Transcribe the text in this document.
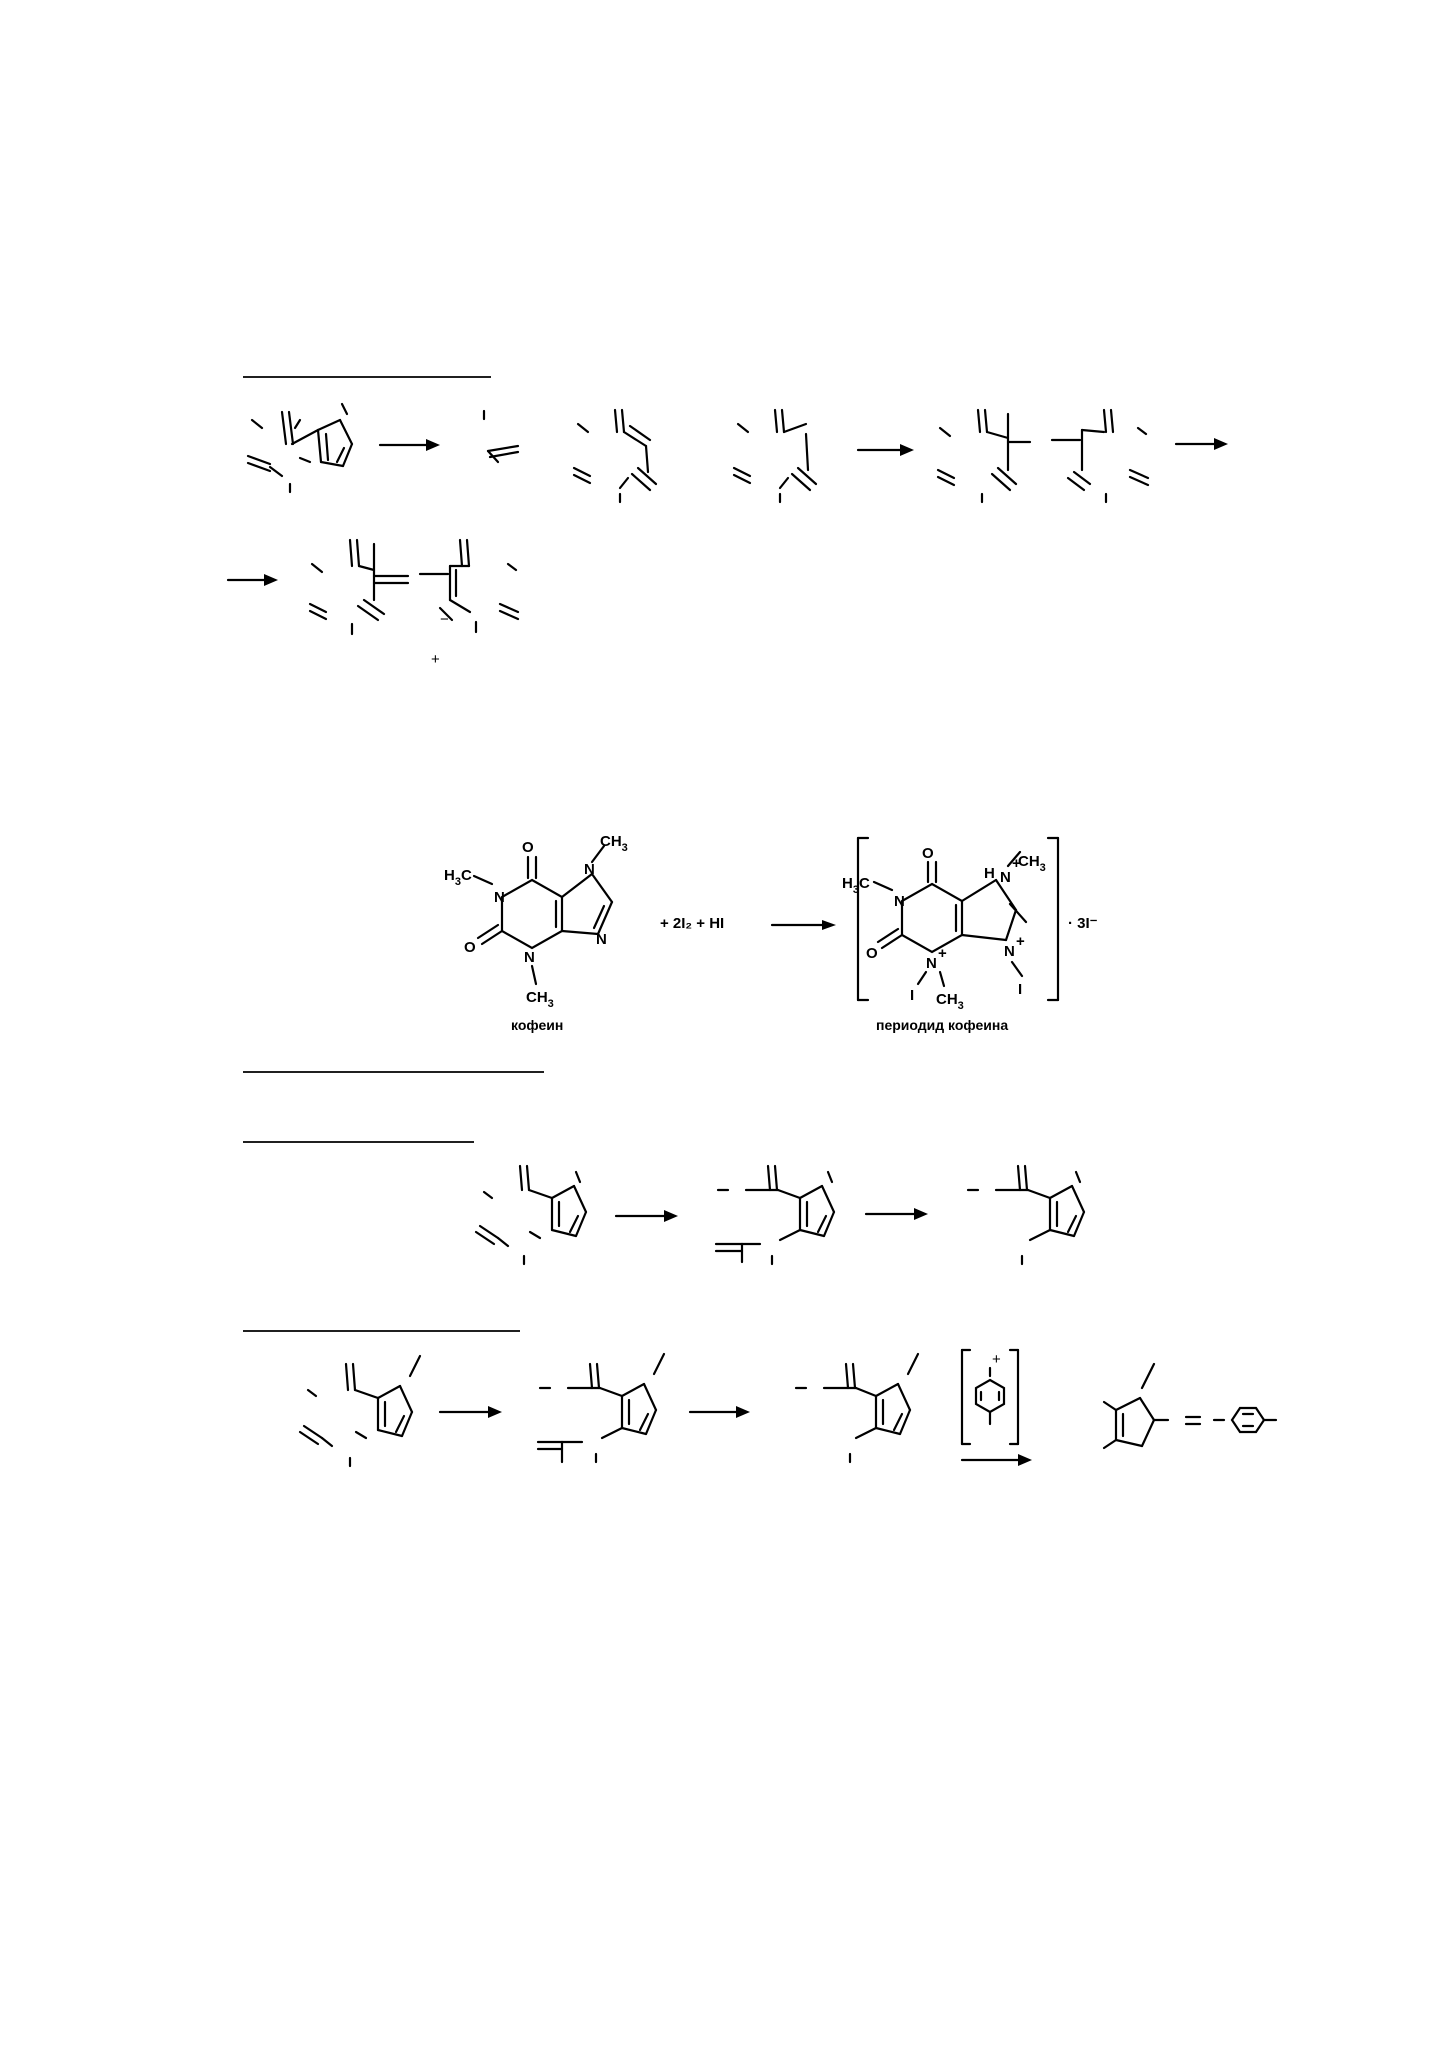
+
−
O
N
$CH_3$
N
N
$H_3C$
O
N
$CH_3$
кофеин
+ 2I₂ + HI
O
H N
+
$CH_3$
N
+
I
N
$H_3C$
O
N
+
I $CH_3$
· 3I⁻
периодид кофеина
+
